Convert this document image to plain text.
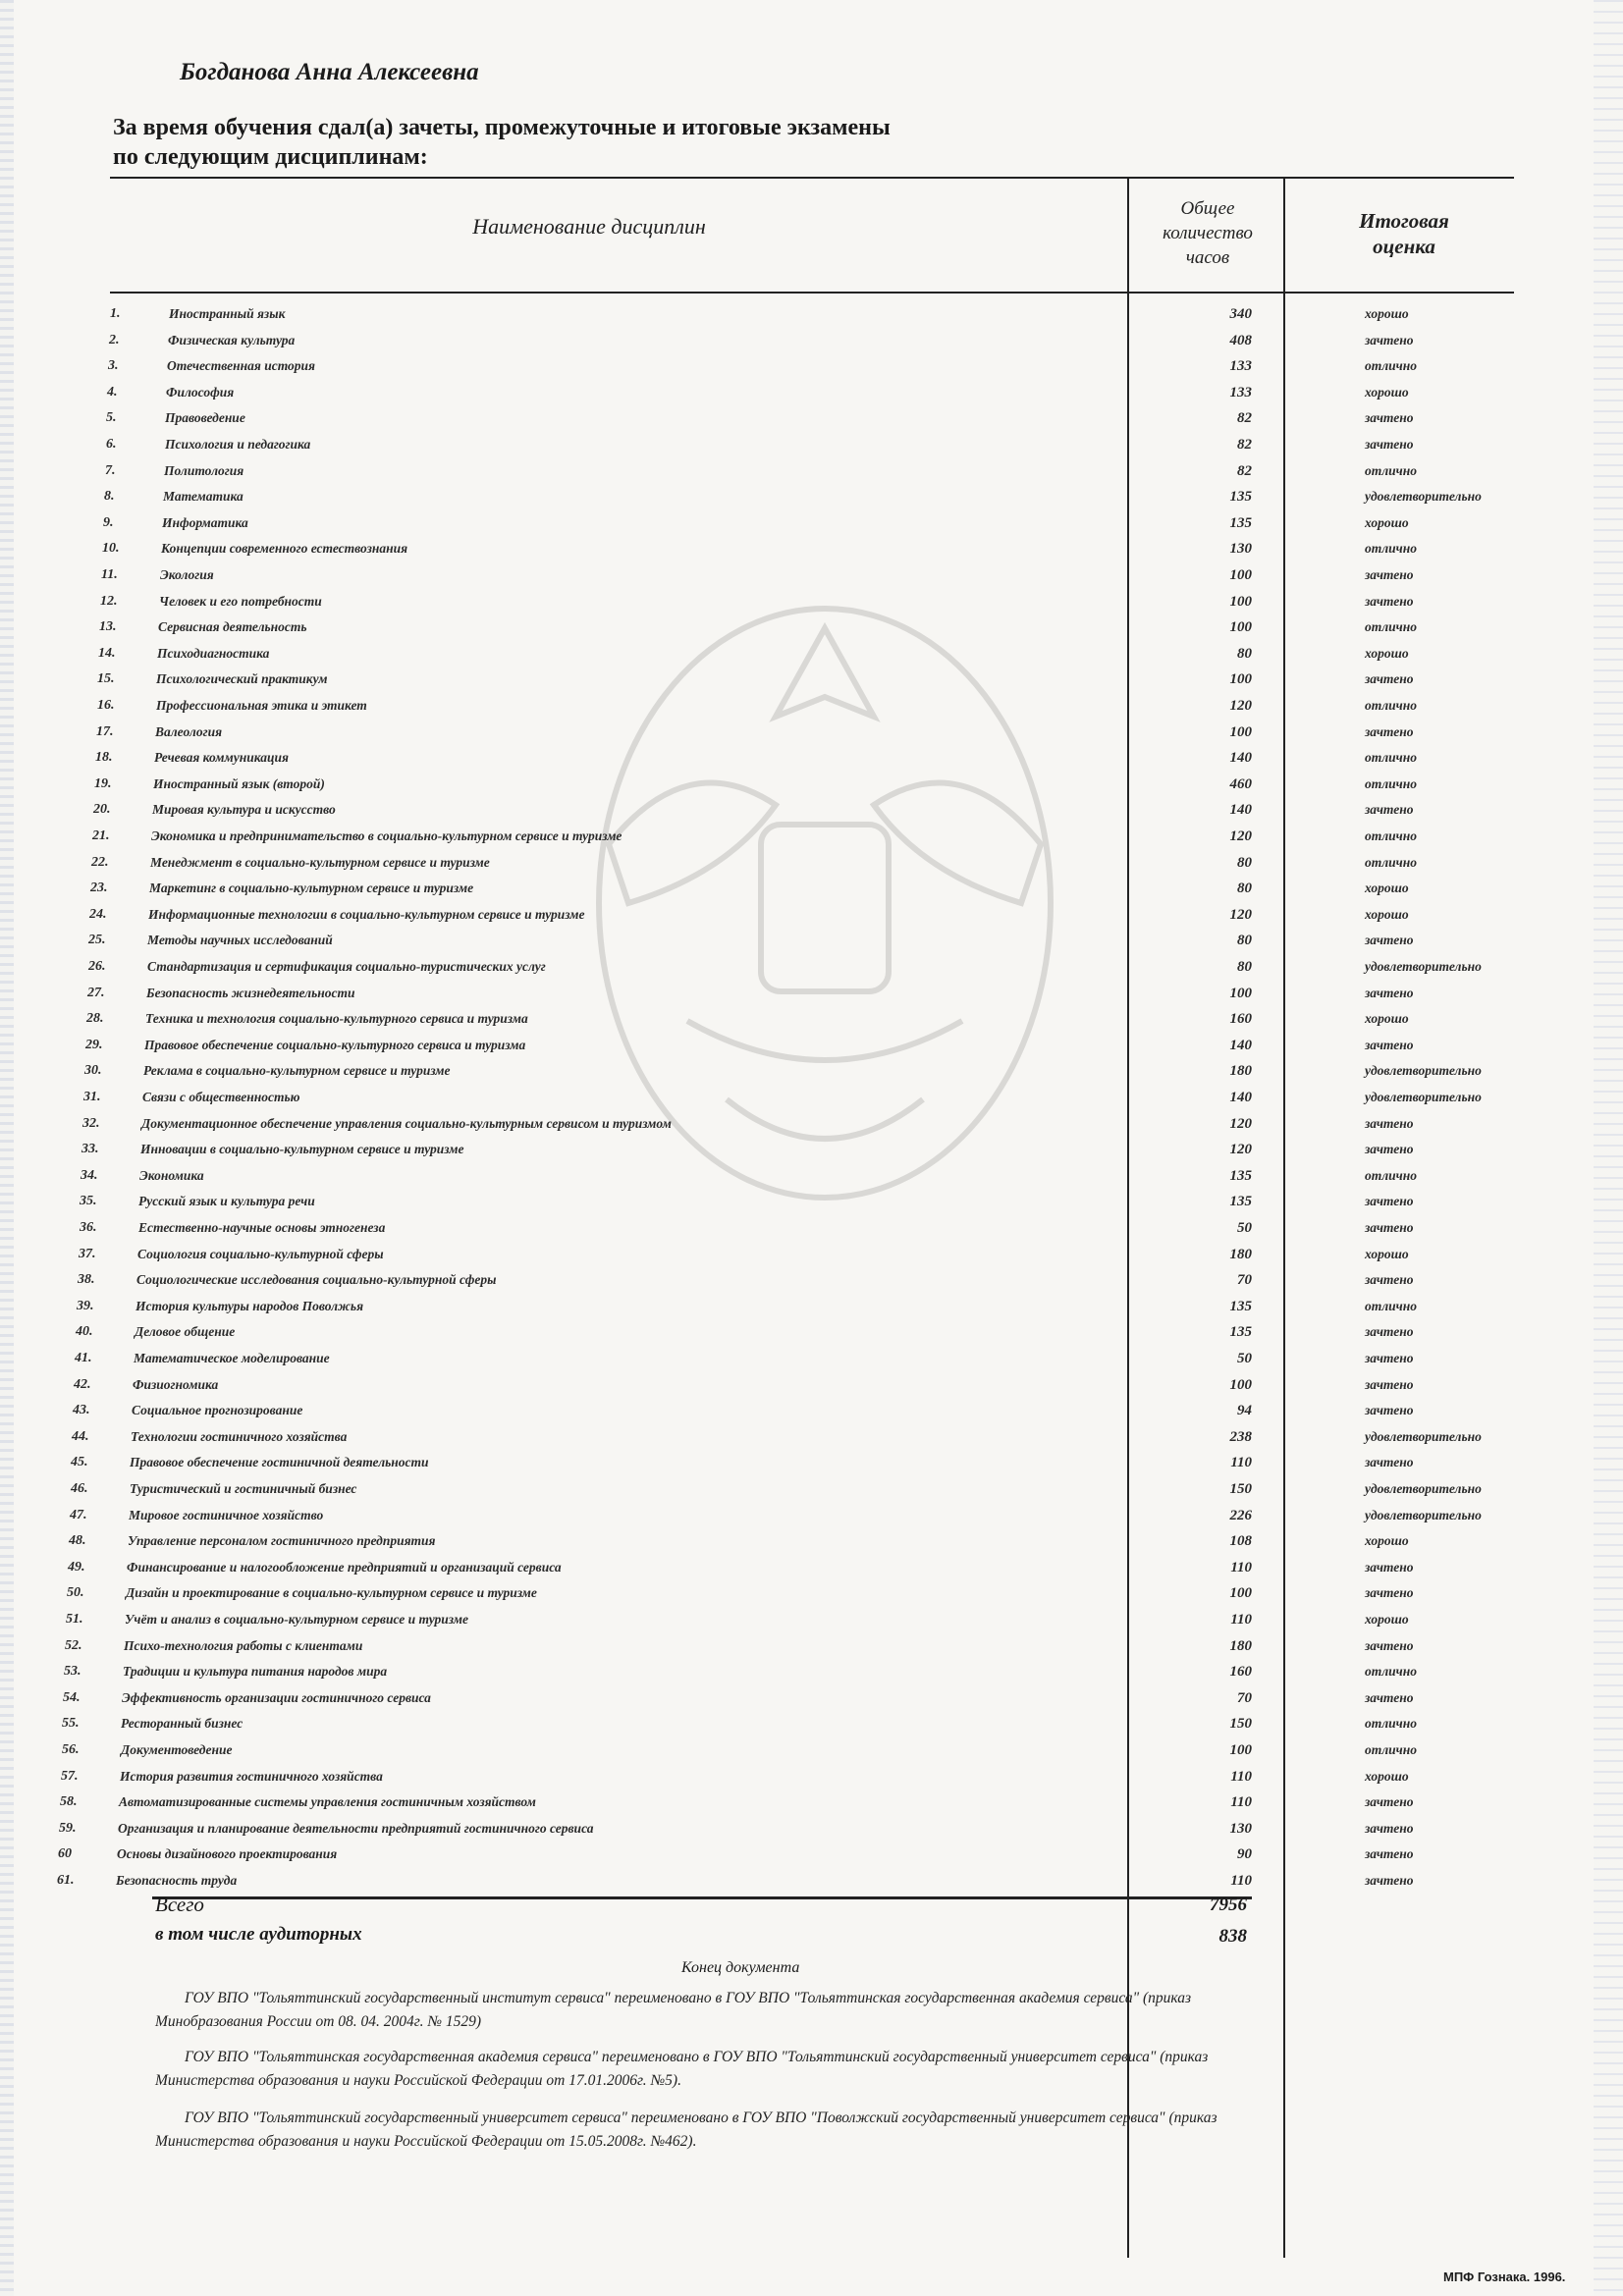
Богданова Анна Алексеевна
За время обучения сдал(а) зачеты, промежуточные и итоговые экзамены
по следующим дисциплинам:
Наименование дисциплин
Общее
количество
часов
Итоговая
оценка
1.	Иностранный язык	340	хорошо
2.	Физическая культура	408	зачтено
3.	Отечественная история	133	отлично
4.	Философия	133	хорошо
5.	Правоведение	82	зачтено
6.	Психология и педагогика	82	зачтено
7.	Политология	82	отлично
8.	Математика	135	удовлетворительно
9.	Информатика	135	хорошо
10.	Концепции современного естествознания	130	отлично
11.	Экология	100	зачтено
12.	Человек и его потребности	100	зачтено
13.	Сервисная деятельность	100	отлично
14.	Психодиагностика	80	хорошо
15.	Психологический практикум	100	зачтено
16.	Профессиональная этика и этикет	120	отлично
17.	Валеология	100	зачтено
18.	Речевая коммуникация	140	отлично
19.	Иностранный язык (второй)	460	отлично
20.	Мировая культура и искусство	140	зачтено
21.	Экономика и предпринимательство в социально-культурном сервисе и туризме	120	отлично
22.	Менеджмент в социально-культурном сервисе и туризме	80	отлично
23.	Маркетинг в социально-культурном сервисе и туризме	80	хорошо
24.	Информационные технологии в социально-культурном сервисе и туризме	120	хорошо
25.	Методы научных исследований	80	зачтено
26.	Стандартизация и сертификация социально-туристических услуг	80	удовлетворительно
27.	Безопасность жизнедеятельности	100	зачтено
28.	Техника и технология социально-культурного сервиса и туризма	160	хорошо
29.	Правовое обеспечение социально-культурного сервиса и туризма	140	зачтено
30.	Реклама в социально-культурном сервисе и туризме	180	удовлетворительно
31.	Связи с общественностью	140	удовлетворительно
32.	Документационное обеспечение управления социально-культурным сервисом и туризмом	120	зачтено
33.	Инновации в социально-культурном сервисе и туризме	120	зачтено
34.	Экономика	135	отлично
35.	Русский язык и культура речи	135	зачтено
36.	Естественно-научные основы этногенеза	50	зачтено
37.	Социология социально-культурной сферы	180	хорошо
38.	Социологические исследования социально-культурной сферы	70	зачтено
39.	История культуры народов Поволжья	135	отлично
40.	Деловое общение	135	зачтено
41.	Математическое моделирование	50	зачтено
42.	Физиогномика	100	зачтено
43.	Социальное прогнозирование	94	зачтено
44.	Технологии гостиничного хозяйства	238	удовлетворительно
45.	Правовое обеспечение гостиничной деятельности	110	зачтено
46.	Туристический и гостиничный бизнес	150	удовлетворительно
47.	Мировое гостиничное хозяйство	226	удовлетворительно
48.	Управление персоналом гостиничного предприятия	108	хорошо
49.	Финансирование и налогообложение предприятий и организаций сервиса	110	зачтено
50.	Дизайн и проектирование в социально-культурном сервисе и туризме	100	зачтено
51.	Учёт и анализ в социально-культурном сервисе и туризме	110	хорошо
52.	Психо-технология работы с клиентами	180	зачтено
53.	Традиции и культура питания народов мира	160	отлично
54.	Эффективность организации гостиничного сервиса	70	зачтено
55.	Ресторанный бизнес	150	отлично
56.	Документоведение	100	отлично
57.	История развития гостиничного хозяйства	110	хорошо
58.	Автоматизированные системы управления гостиничным хозяйством	110	зачтено
59.	Организация и планирование деятельности предприятий гостиничного сервиса	130	зачтено
60	Основы дизайнового проектирования	90	зачтено
61.	Безопасность труда	110	зачтено
Всего	7956
в том числе аудиторных	838
Конец документа
ГОУ ВПО "Тольяттинский государственный институт сервиса" переименовано в ГОУ ВПО "Тольяттинская государственная академия сервиса" (приказ
Минобразования России от 08. 04. 2004г. № 1529)
ГОУ ВПО "Тольяттинская государственная академия сервиса" переименовано в ГОУ ВПО "Тольяттинский государственный университет сервиса" (приказ
Министерства образования и науки Российской Федерации от 17.01.2006г. №5).
ГОУ ВПО "Тольяттинский государственный университет сервиса" переименовано в ГОУ ВПО "Поволжский государственный университет сервиса" (приказ
Министерства образования и науки Российской Федерации от 15.05.2008г. №462).
МПФ Гознака. 1996.
